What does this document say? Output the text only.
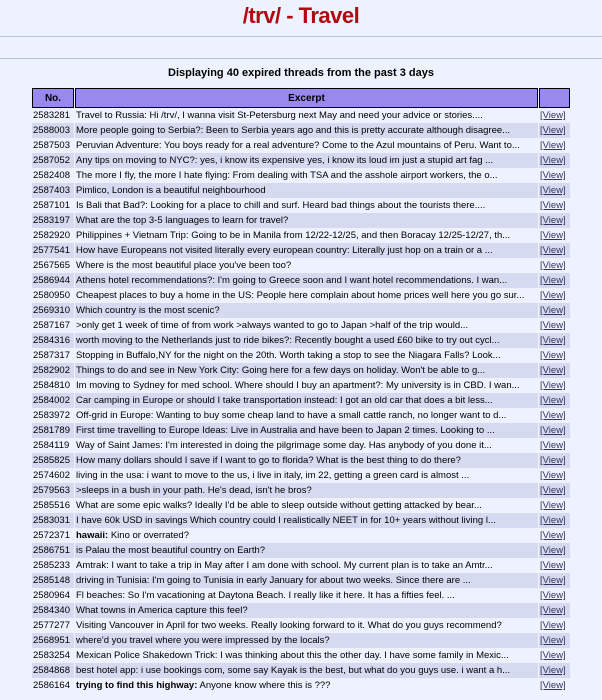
/trv/ - Travel
Displaying 40 expired threads from the past 3 days
No.	Excerpt	
2583281	Travel to Russia: Hi /trv/, I wanna visit St-Petersburg next May and need your advice or stories....	[View]
2588003	More people going to Serbia?: Been to Serbia years ago and this is pretty accurate although disagree...	[View]
2587503	Peruvian Adventure: You boys ready for a real adventure? Come to the Azul mountains of Peru. Want to...	[View]
2587052	Any tips on moving to NYC?: yes, i know its expensive yes, i know its loud im just a stupid art fag ...	[View]
2582408	The more I fly, the more I hate flying: From dealing with TSA and the asshole airport workers, the o...	[View]
2587403	Pimlico, London is a beautiful neighbourhood	[View]
2587101	Is Bali that Bad?: Looking for a place to chill and surf. Heard bad things about the tourists there....	[View]
2583197	What are the top 3-5 languages to learn for travel?	[View]
2582920	Philippines + Vietnam Trip: Going to be in Manila from 12/22-12/25, and then Boracay 12/25-12/27, th...	[View]
2577541	How have Europeans not visited literally every european country: Literally just hop on a train or a ...	[View]
2567565	Where is the most beautiful place you've been too?	[View]
2586944	Athens hotel recommendations?: I'm going to Greece soon and I want hotel recommendations. I wan...	[View]
2580950	Cheapest places to buy a home in the US: People here complain about home prices well here you go sur...	[View]
2569310	Which country is the most scenic?	[View]
2587167	>only get 1 week of time of from work >always wanted to go to Japan >half of the trip would...	[View]
2584316	worth moving to the Netherlands just to ride bikes?: Recently bought a used £60 bike to try out cycl...	[View]
2587317	Stopping in Buffalo,NY for the night on the 20th. Worth taking a stop to see the Niagara Falls? Look...	[View]
2582902	Things to do and see in New York City: Going here for a few days on holiday. Won't be able to g...	[View]
2584810	Im moving to Sydney for med school. Where should I buy an apartment?: My university is in CBD. I wan...	[View]
2584002	Car camping in Europe or should I take transportation instead: I got an old car that does a bit less...	[View]
2583972	Off-grid in Europe: Wanting to buy some cheap land to have a small cattle ranch, no longer want to d...	[View]
2581789	First time travelling to Europe Ideas: Live in Australia and have been to Japan 2 times. Looking to ...	[View]
2584119	Way of Saint James: I'm interested in doing the pilgrimage some day. Has anybody of you done it...	[View]
2585825	How many dollars should I save if I want to go to florida? What is the best thing to do there?	[View]
2574602	living in the usa: i want to move to the us, i live in italy, im 22, getting a green card is almost ...	[View]
2579563	>sleeps in a bush in your path. He's dead, isn't he bros?	[View]
2585516	What are some epic walks? Ideally I'd be able to sleep outside without getting attacked by bear...	[View]
2583031	I have 60k USD in savings Which country could I realistically NEET in for 10+ years without living l...	[View]
2572371	hawaii: Kino or overrated?	[View]
2586751	is Palau the most beautiful country on Earth?	[View]
2585233	Amtrak: I want to take a trip in May after I am done with school. My current plan is to take an Amtr...	[View]
2585148	driving in Tunisia: I'm going to Tunisia in early January for about two weeks. Since there are ...	[View]
2580964	Fl beaches: So I'm vacationing at Daytona Beach. I really like it here. It has a fifties feel. ...	[View]
2584340	What towns in America capture this feel?	[View]
2577277	Visiting Vancouver in April for two weeks. Really looking forward to it. What do you guys recommend?	[View]
2568951	where'd you travel where you were impressed by the locals?	[View]
2583254	Mexican Police Shakedown Trick: I was thinking about this the other day. I have some family in Mexic...	[View]
2584868	best hotel app: i use bookings com, some say Kayak is the best, but what do you guys use. i want a h...	[View]
2586164	trying to find this highway: Anyone know where this is ???	[View]
